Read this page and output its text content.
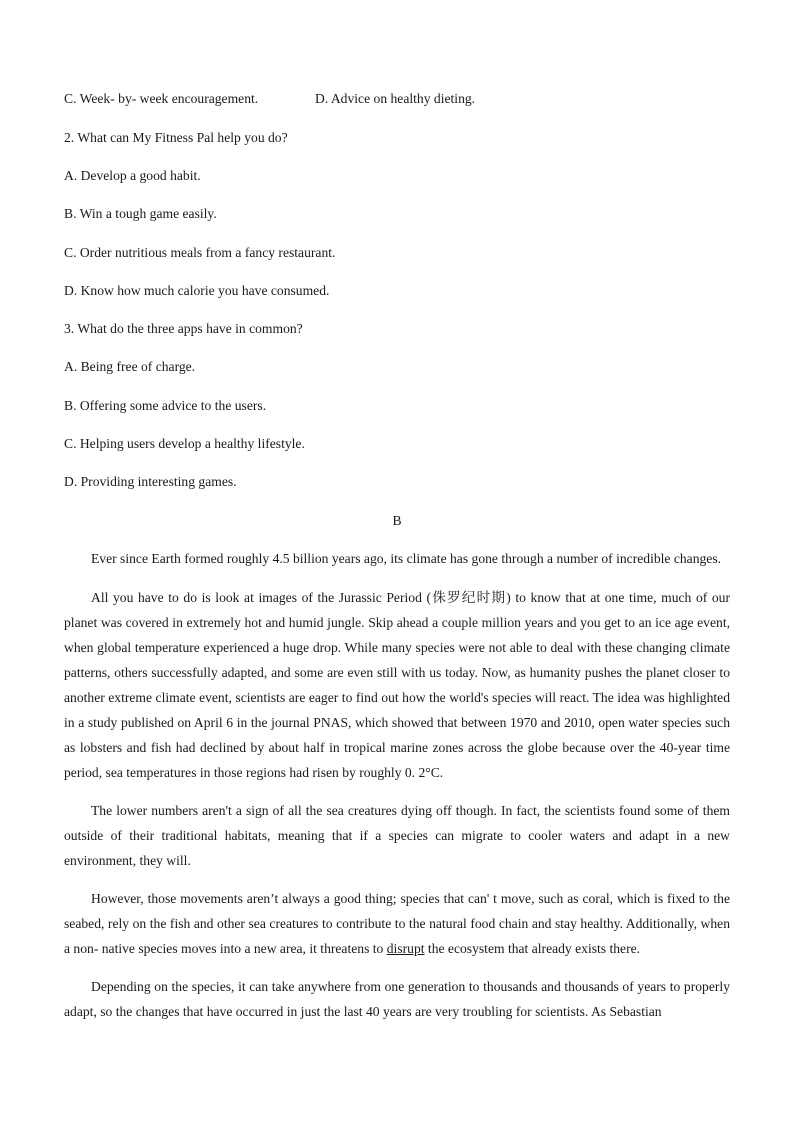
C. Week- by- week encouragement.	D. Advice on healthy dieting.
2. What can My Fitness Pal help you do?
A. Develop a good habit.
B. Win a tough game easily.
C. Order nutritious meals from a fancy restaurant.
D. Know how much calorie you have consumed.
3. What do the three apps have in common?
A. Being free of charge.
B. Offering some advice to the users.
C. Helping users develop a healthy lifestyle.
D. Providing interesting games.
B

Ever since Earth formed roughly 4.5 billion years ago, its climate has gone through a number of incredible changes.

All you have to do is look at images of the Jurassic Period (侏罗纪时期) to know that at one time, much of our planet was covered in extremely hot and humid jungle. Skip ahead a couple million years and you get to an ice age event, when global temperature experienced a huge drop. While many species were not able to deal with these changing climate patterns, others successfully adapted, and some are even still with us today. Now, as humanity pushes the planet closer to another extreme climate event, scientists are eager to find out how the world's species will react. The idea was highlighted in a study published on April 6 in the journal PNAS, which showed that between 1970 and 2010, open water species such as lobsters and fish had declined by about half in tropical marine zones across the globe because over the 40-year time period, sea temperatures in those regions had risen by roughly 0. 2°C.

The lower numbers aren't a sign of all the sea creatures dying off though. In fact, the scientists found some of them outside of their traditional habitats, meaning that if a species can migrate to cooler waters and adapt in a new environment, they will.

However, those movements aren’t always a good thing; species that can' t move, such as coral, which is fixed to the seabed, rely on the fish and other sea creatures to contribute to the natural food chain and stay healthy. Additionally, when a non- native species moves into a new area, it threatens to disrupt the ecosystem that already exists there.

Depending on the species, it can take anywhere from one generation to thousands and thousands of years to properly adapt, so the changes that have occurred in just the last 40 years are very troubling for scientists. As Sebastian
